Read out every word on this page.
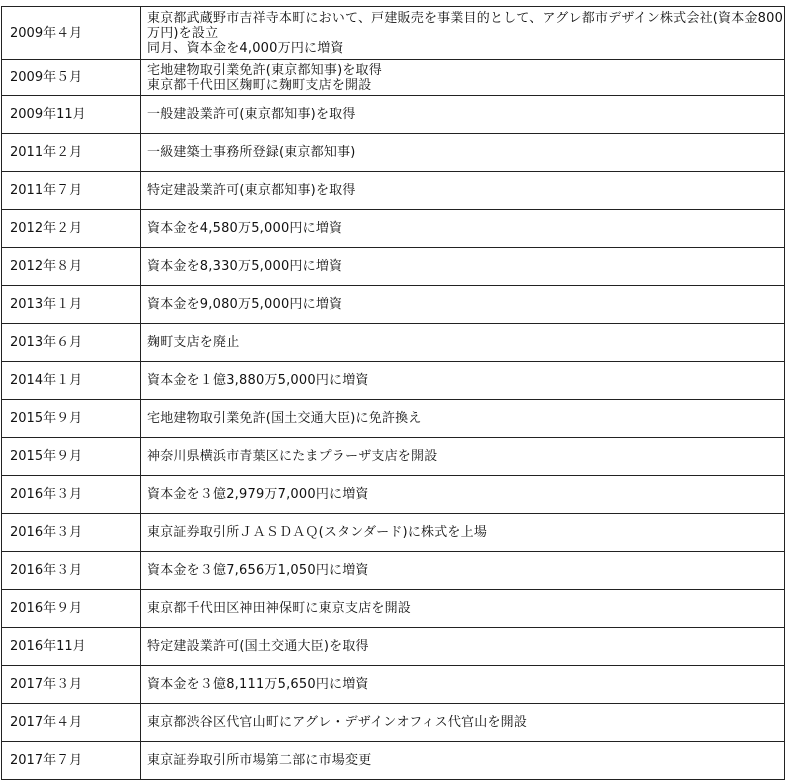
2009年４月	東京都武蔵野市吉祥寺本町において、戸建販売を事業目的として、アグレ都市デザイン株式会社(資本金800万円)を設立
同月、資本金を4,000万円に増資
2009年５月	宅地建物取引業免許(東京都知事)を取得
東京都千代田区麹町に麹町支店を開設
2009年11月	一般建設業許可(東京都知事)を取得
2011年２月	一級建築士事務所登録(東京都知事)
2011年７月	特定建設業許可(東京都知事)を取得
2012年２月	資本金を4,580万5,000円に増資
2012年８月	資本金を8,330万5,000円に増資
2013年１月	資本金を9,080万5,000円に増資
2013年６月	麹町支店を廃止
2014年１月	資本金を１億3,880万5,000円に増資
2015年９月	宅地建物取引業免許(国土交通大臣)に免許換え
2015年９月	神奈川県横浜市青葉区にたまプラーザ支店を開設
2016年３月	資本金を３億2,979万7,000円に増資
2016年３月	東京証券取引所ＪＡＳＤＡＱ(スタンダード)に株式を上場
2016年３月	資本金を３億7,656万1,050円に増資
2016年９月	東京都千代田区神田神保町に東京支店を開設
2016年11月	特定建設業許可(国土交通大臣)を取得
2017年３月	資本金を３億8,111万5,650円に増資
2017年４月	東京都渋谷区代官山町にアグレ・デザインオフィス代官山を開設
2017年７月	東京証券取引所市場第二部に市場変更
